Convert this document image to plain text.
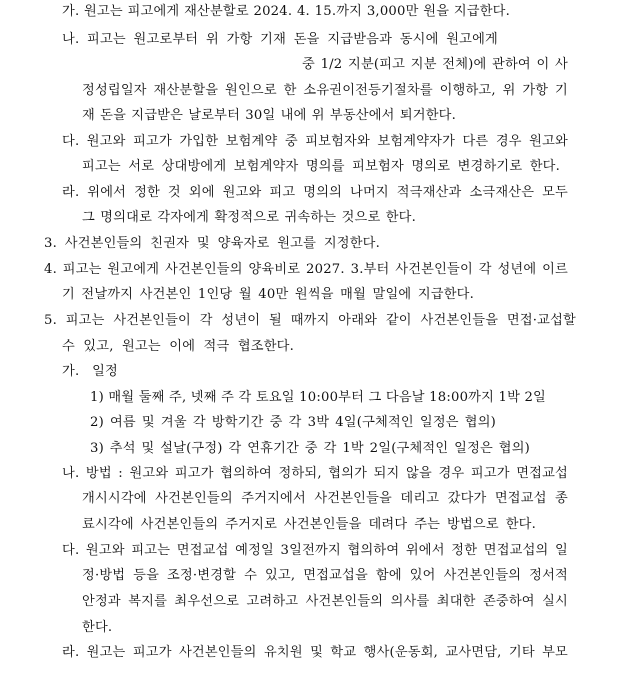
가. 원고는 피고에게 재산분할로 2024. 4. 15.까지 3,000만 원을 지급한다.
나. 피고는 원고로부터 위 가항 기재 돈을 지급받음과 동시에 원고에게
중 1/2 지분(피고 지분 전체)에 관하여 이 사
정성립일자 재산분할을 원인으로 한 소유권이전등기절차를 이행하고, 위 가항 기
재 돈을 지급받은 날로부터 30일 내에 위 부동산에서 퇴거한다.
다. 원고와 피고가 가입한 보험계약 중 피보험자와 보험계약자가 다른 경우 원고와
피고는 서로 상대방에게 보험계약자 명의를 피보험자 명의로 변경하기로 한다.
라. 위에서 정한 것 외에 원고와 피고 명의의 나머지 적극재산과 소극재산은 모두
그 명의대로 각자에게 확정적으로 귀속하는 것으로 한다.
3. 사건본인들의 친권자 및 양육자로 원고를 지정한다.
4. 피고는 원고에게 사건본인들의 양육비로 2027. 3.부터 사건본인들이 각 성년에 이르
기 전날까지 사건본인 1인당 월 40만 원씩을 매월 말일에 지급한다.
5. 피고는 사건본인들이 각 성년이 될 때까지 아래와 같이 사건본인들을 면접·교섭할
수 있고, 원고는 이에 적극 협조한다.
가. 일정
1) 매월 둘째 주, 넷째 주 각 토요일 10:00부터 그 다음날 18:00까지 1박 2일
2) 여름 및 겨울 각 방학기간 중 각 3박 4일(구체적인 일정은 협의)
3) 추석 및 설날(구정) 각 연휴기간 중 각 1박 2일(구체적인 일정은 협의)
나. 방법 : 원고와 피고가 협의하여 정하되, 협의가 되지 않을 경우 피고가 면접교섭
개시시각에 사건본인들의 주거지에서 사건본인들을 데리고 갔다가 면접교섭 종
료시각에 사건본인들의 주거지로 사건본인들을 데려다 주는 방법으로 한다.
다. 원고와 피고는 면접교섭 예정일 3일전까지 협의하여 위에서 정한 면접교섭의 일
정·방법 등을 조정·변경할 수 있고, 면접교섭을 함에 있어 사건본인들의 정서적
안정과 복지를 최우선으로 고려하고 사건본인들의 의사를 최대한 존중하여 실시
한다.
라. 원고는 피고가 사건본인들의 유치원 및 학교 행사(운동회, 교사면담, 기타 부모
